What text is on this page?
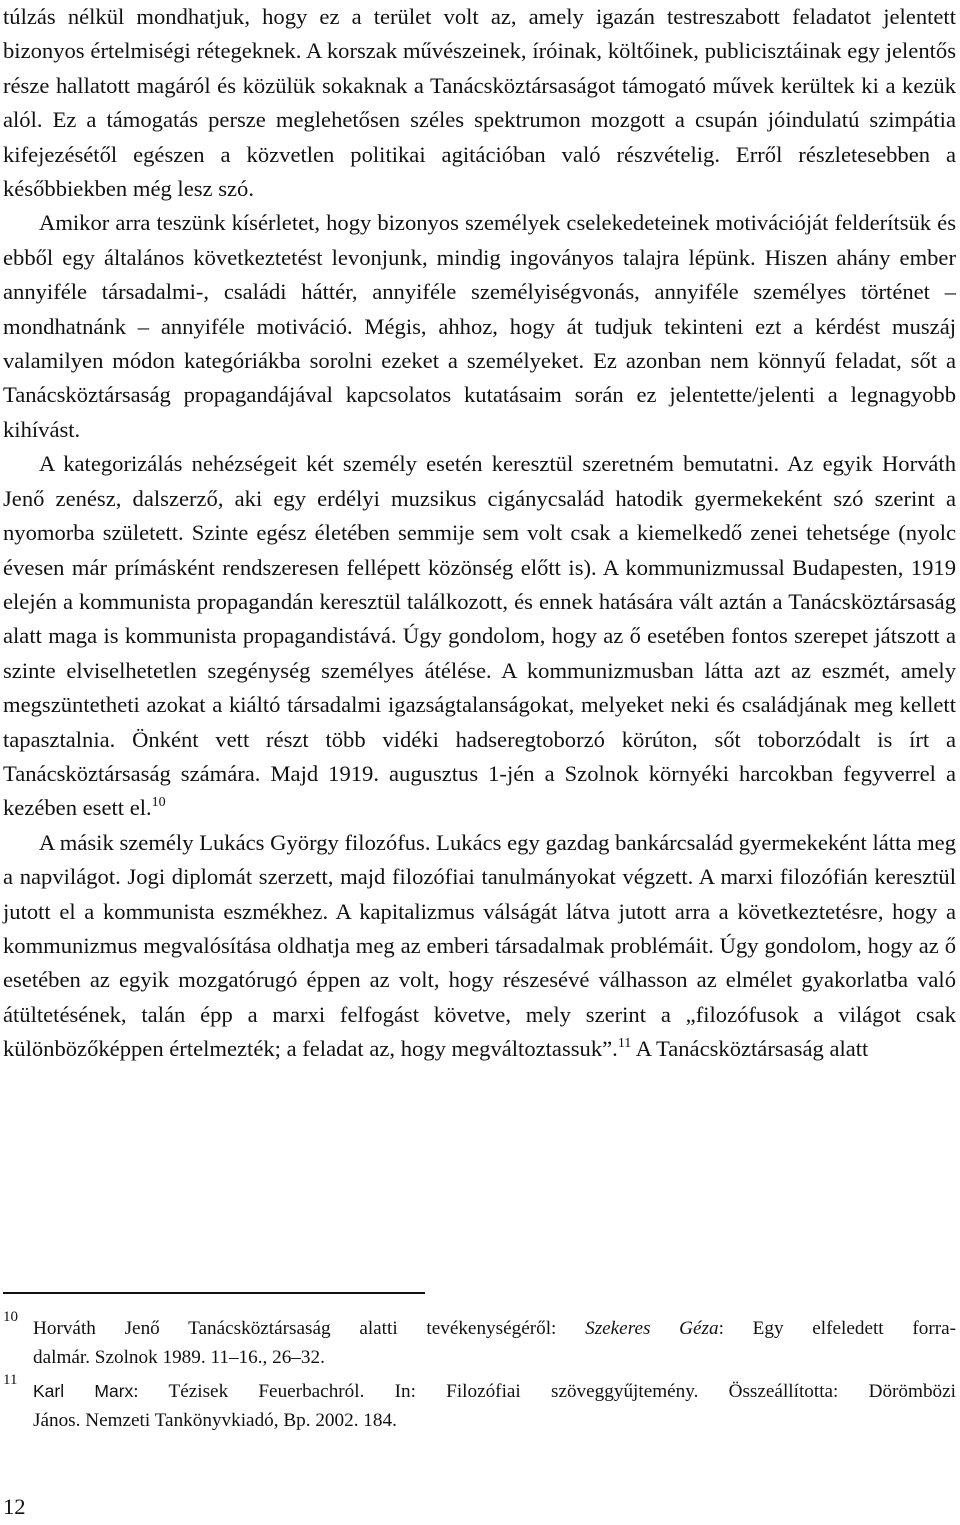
túlzás nélkül mondhatjuk, hogy ez a terület volt az, amely igazán testreszabott feladatot jelentett bizonyos értelmiségi rétegeknek. A korszak művészeinek, íróinak, költőinek, publicisztáinak egy jelentős része hallatott magáról és közülük sokaknak a Tanácsköztársaságot támogató művek kerültek ki a kezük alól. Ez a támogatás persze meglehetősen széles spektrumon mozgott a csupán jóindulatú szimpátia kifejezésétől egészen a közvetlen politikai agitációban való részvételig. Erről részletesebben a későbbiekben még lesz szó.

Amikor arra teszünk kísérletet, hogy bizonyos személyek cselekedeteinek motivációját felderítsük és ebből egy általános következtetést levonjunk, mindig ingoványos talajra lépünk. Hiszen ahány ember annyiféle társadalmi-, családi háttér, annyiféle személyiségvonás, annyiféle személyes történet – mondhatnánk – annyiféle motiváció. Mégis, ahhoz, hogy át tudjuk tekinteni ezt a kérdést muszáj valamilyen módon kategóriákba sorolni ezeket a személyeket. Ez azonban nem könnyű feladat, sőt a Tanácsköztársaság propagandájával kapcsolatos kutatásaim során ez jelentette/jelenti a legnagyobb kihívást.

A kategorizálás nehézségeit két személy esetén keresztül szeretném bemutatni. Az egyik Horváth Jenő zenész, dalszerző, aki egy erdélyi muzsikus cigánycsalád hatodik gyermekeként szó szerint a nyomorba született. Szinte egész életében semmije sem volt csak a kiemelkedő zenei tehetsége (nyolc évesen már prímásként rendszeresen fellépett közönség előtt is). A kommunizmussal Budapesten, 1919 elején a kommunista propagandán keresztül találkozott, és ennek hatására vált aztán a Tanácsköztársaság alatt maga is kommunista propagandistává. Úgy gondolom, hogy az ő esetében fontos szerepet játszott a szinte elviselhetetlen szegénység személyes átélése. A kommunizmusban látta azt az eszmét, amely megszüntetheti azokat a kiáltó társadalmi igazságtalanságokat, melyeket neki és családjának meg kellett tapasztalnia. Önként vett részt több vidéki hadseregtoborzó körúton, sőt toborzódalt is írt a Tanácsköztársaság számára. Majd 1919. augusztus 1-jén a Szolnok környéki harcokban fegyverrel a kezében esett el.$^{10}$

A másik személy Lukács György filozófus. Lukács egy gazdag bankárcsalád gyermekeként látta meg a napvilágot. Jogi diplomát szerzett, majd filozófiai tanulmányokat végzett. A marxi filozófián keresztül jutott el a kommunista eszmékhez. A kapitalizmus válságát látva jutott arra a következtetésre, hogy a kommunizmus megvalósítása oldhatja meg az emberi társadalmak problémáit. Úgy gondolom, hogy az ő esetében az egyik mozgatórugó éppen az volt, hogy részesévé válhasson az elmélet gyakorlatba való átültetésének, talán épp a marxi felfogást követve, mely szerint a „filozófusok a világot csak különbözőképpen értelmezték; a feladat az, hogy megváltoztassuk”.$^{11}$ A Tanácsköztársaság alatt

10
Horváth Jenő Tanácsköztársaság alatti tevékenységéről: Szekeres Géza: Egy elfeledett forra-
dalmár. Szolnok 1989. 11–16., 26–32.
11
Karl Marx: Tézisek Feuerbachról. In: Filozófiai szöveggyűjtemény. Összeállította: Dörömbözi
János. Nemzeti Tankönyvkiadó, Bp. 2002. 184.
12
